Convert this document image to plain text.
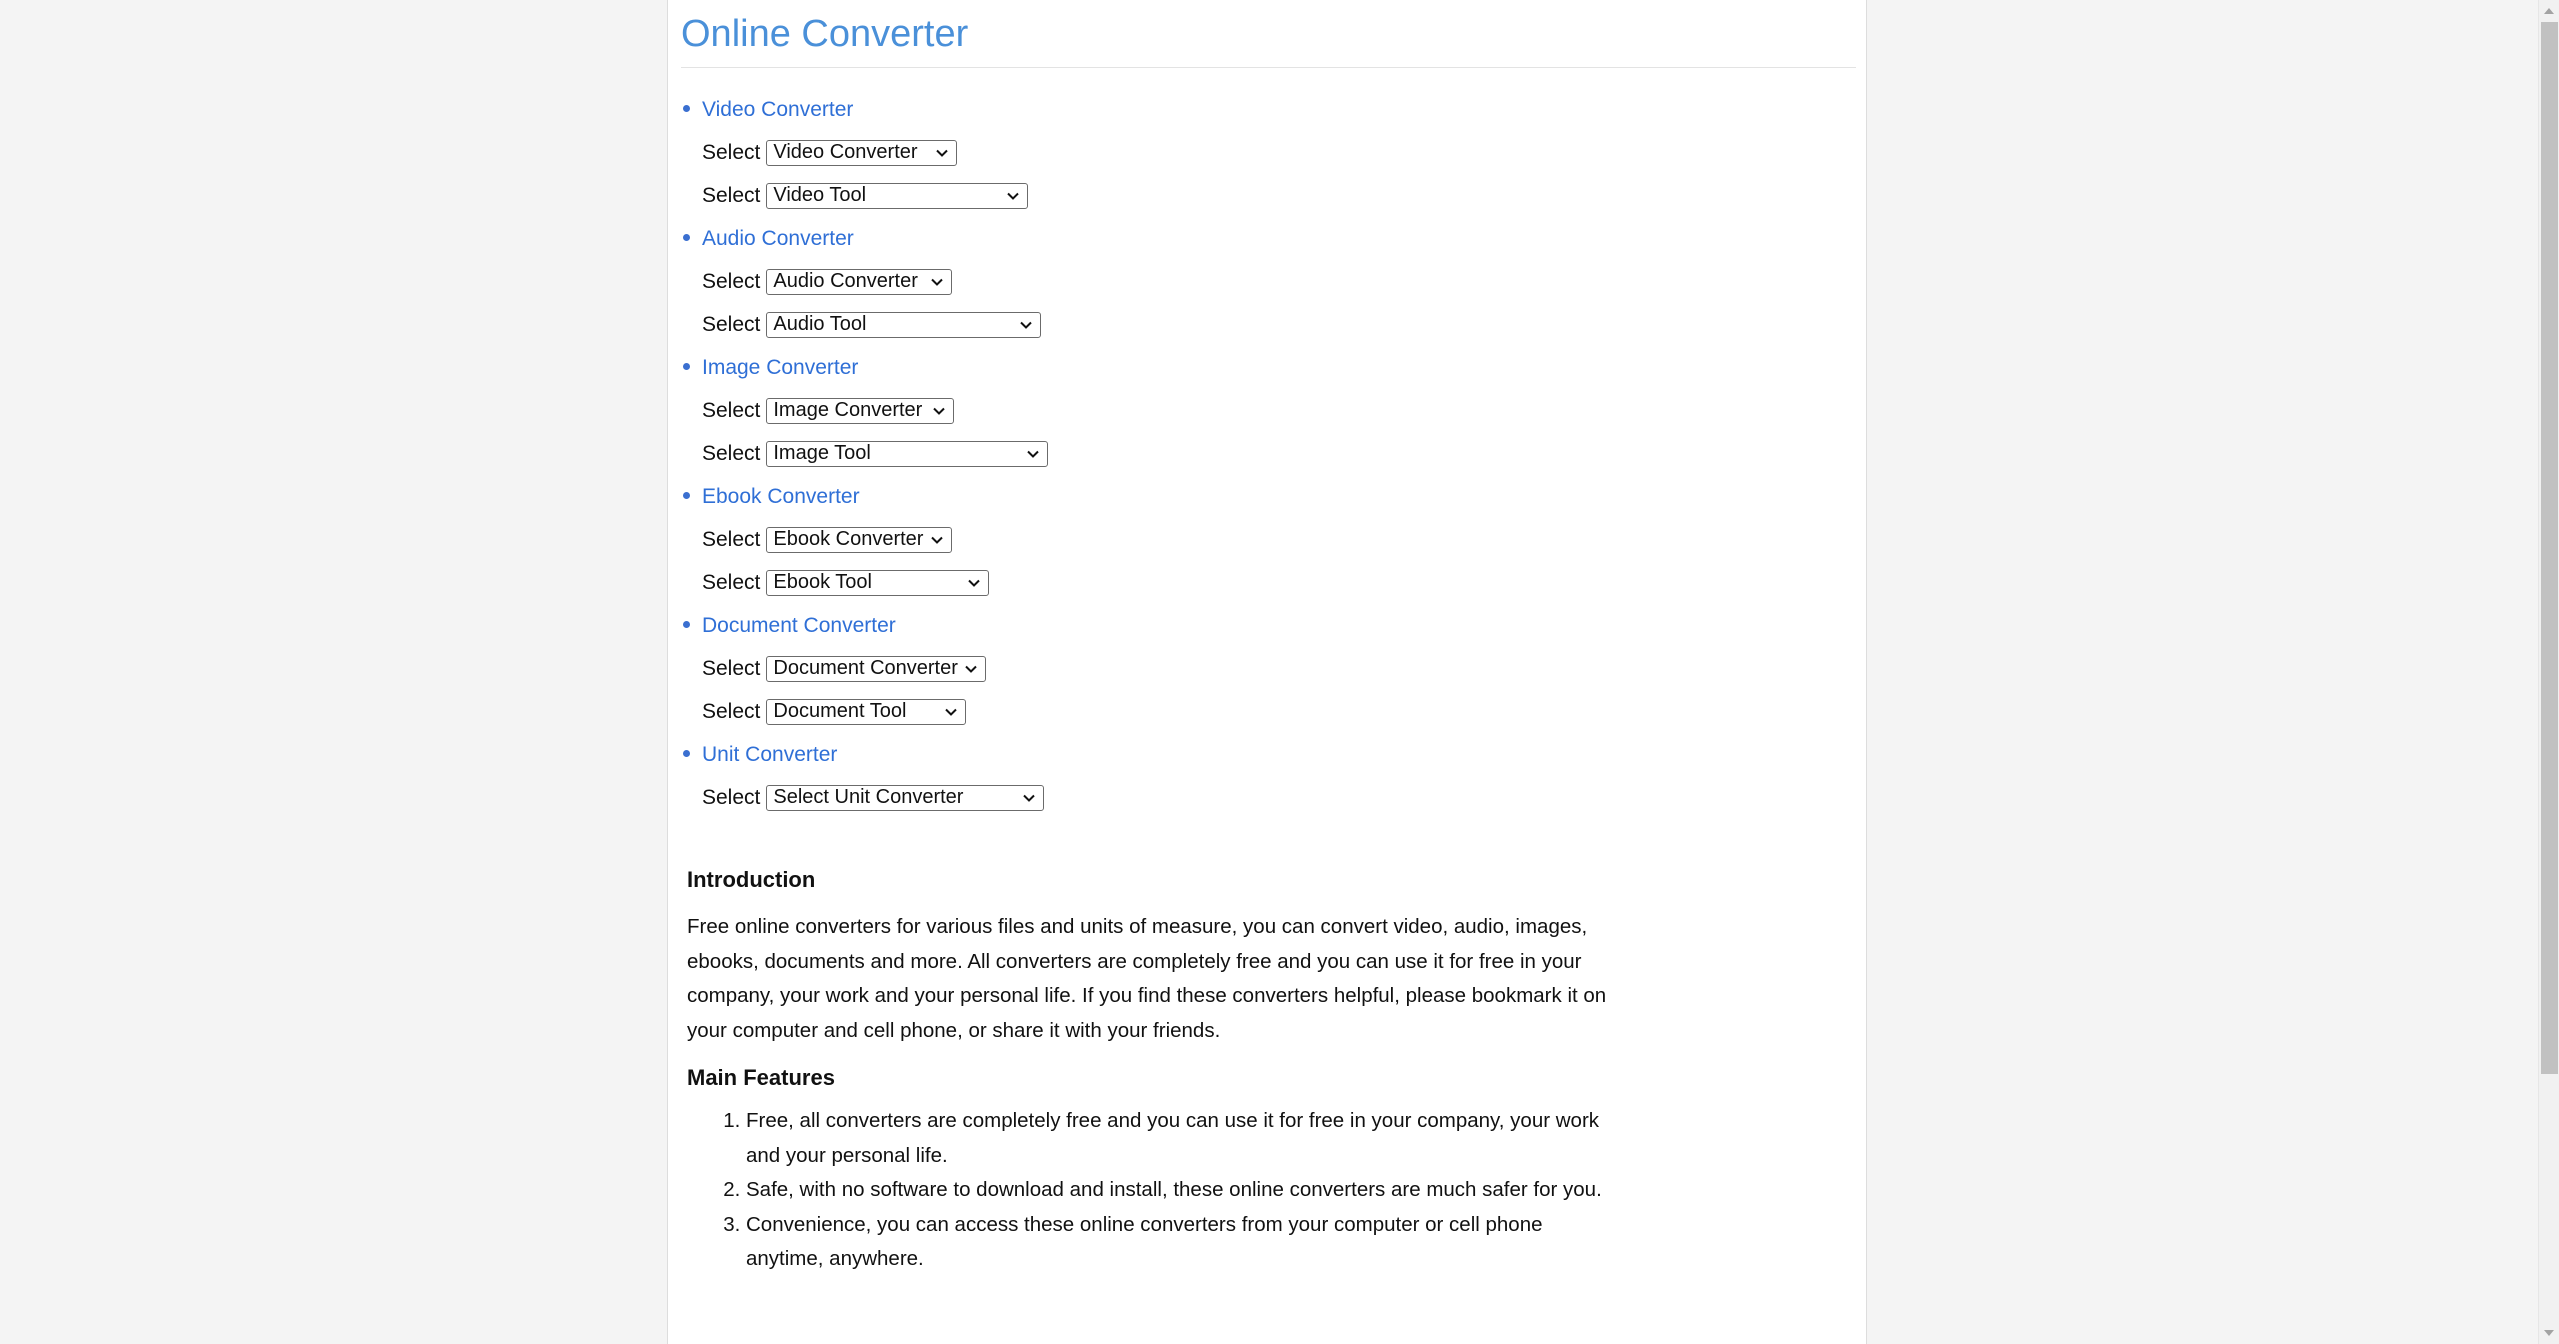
Online Converter
Video Converter
Select Video Converter
Select Video Tool
Audio Converter
Select Audio Converter
Select Audio Tool
Image Converter
Select Image Converter
Select Image Tool
Ebook Converter
Select Ebook Converter
Select Ebook Tool
Document Converter
Select Document Converter
Select Document Tool
Unit Converter
Select Select Unit Converter
Introduction

Free online converters for various files and units of measure, you can convert video, audio, images, ebooks, documents and more. All converters are completely free and you can use it for free in your company, your work and your personal life. If you find these converters helpful, please bookmark it on your computer and cell phone, or share it with your friends.

Main Features
1. Free, all converters are completely free and you can use it for free in your company, your work and your personal life.
2. Safe, with no software to download and install, these online converters are much safer for you.
3. Convenience, you can access these online converters from your computer or cell phone anytime, anywhere.
